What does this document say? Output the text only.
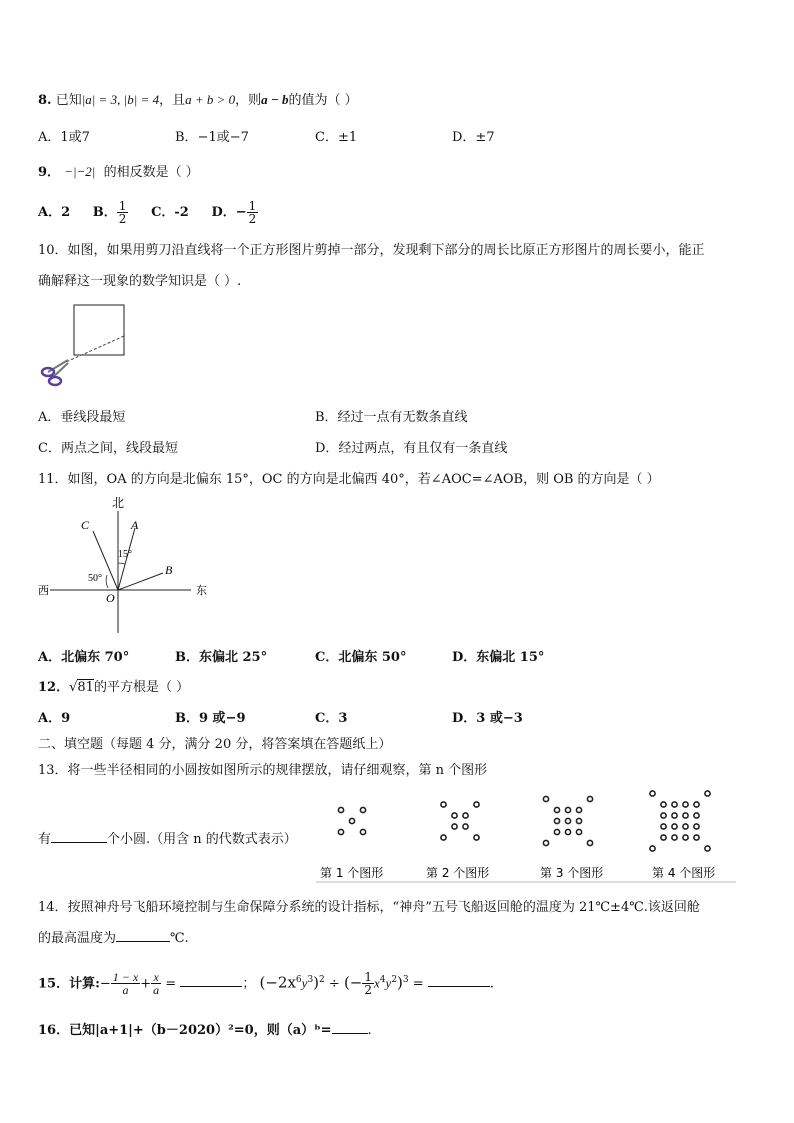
8. 已知|a| = 3, |b| = 4，且a + b > 0，则a − b的值为（ ）
A．1或7	B．−1或−7	C．±1	D．±7
9． −|−2| 的相反数是（ ）
A．2 B． $\frac{1}{2}$ C．-2 D．− $\frac{1}{2}$
10．如图，如果用剪刀沿直线将一个正方形图片剪掉一部分，发现剩下部分的周长比原正方形图片的周长要小，能正
确解释这一现象的数学知识是（ ）.
A．垂线段最短	B．经过一点有无数条直线
C．两点之间，线段最短	D．经过两点，有且仅有一条直线
11．如图，OA 的方向是北偏东 15°，OC 的方向是北偏西 40°，若∠AOC=∠AOB，则 OB 的方向是（ ）
北
西	东
C	A
B
O
15°
50°
A．北偏东 70°	B．东偏北 25°	C．北偏东 50°	D．东偏北 15°
12．√81的平方根是（ ）
A．9	B．9 或−9	C．3	D．3 或−3
二、填空题（每题 4 分，满分 20 分，将答案填在答题纸上）
13．将一些半径相同的小圆按如图所示的规律摆放，请仔细观察，第 n 个图形
有	个小圆.（用含 n 的代数式表示）
第 1 个图形	第 2 个图形	第 3 个图形	第 4 个图形
14．按照神舟号飞船环境控制与生命保障分系统的设计指标，“神舟”五号飞船返回舱的温度为 21℃±4℃.该返回舱
的最高温度为	℃.
15．计算:− $\frac{1 - x}{a} + \frac{x}{a}$ =	； $(-2x^6y^3)^2$ ÷ (− $\frac{1}{2} x^4y^2)^3$ =	.
16．已知|a+1|+（b－2020）²=0，则（a）ᵇ=	.
